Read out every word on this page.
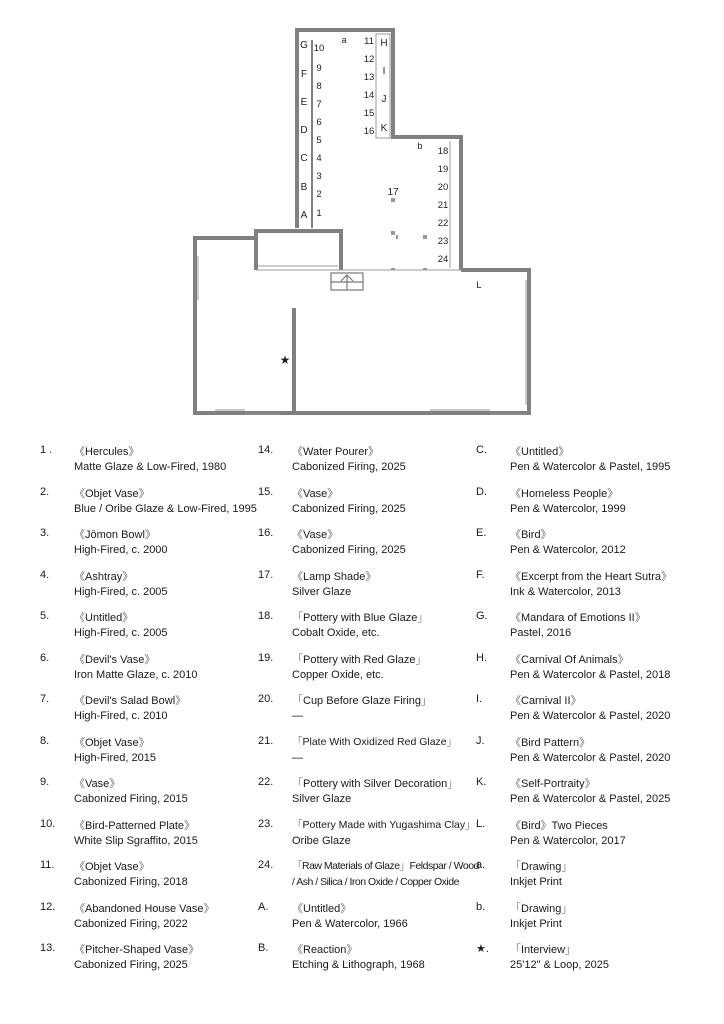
G
F
E
D
C
B
A
10
9
8
7
6
5
4
3
2
1
11
12
13
14
15
16
H
I
J
K
18
19
20
21
22
23
24
a
b
17
L
★
1 . 《Hercules》
Matte Glaze & Low-Fired, 1980
2. 《Objet Vase》
Blue / Oribe Glaze & Low-Fired, 1995
3. 《Jōmon Bowl》
High-Fired, c. 2000
4. 《Ashtray》
High-Fired, c. 2005
5. 《Untitled》
High-Fired, c. 2005
6. 《Devil's Vase》
Iron Matte Glaze, c. 2010
7. 《Devil's Salad Bowl》
High-Fired, c. 2010
8. 《Objet Vase》
High-Fired, 2015
9. 《Vase》
Cabonized Firing, 2015
10. 《Bird-Patterned Plate》
White Slip Sgraffito, 2015
11. 《Objet Vase》
Cabonized Firing, 2018
12. 《Abandoned House Vase》
Cabonized Firing, 2022
13. 《Pitcher-Shaped Vase》
Cabonized Firing, 2025
14. 《Water Pourer》
Cabonized Firing, 2025
15. 《Vase》
Cabonized Firing, 2025
16. 《Vase》
Cabonized Firing, 2025
17. 《Lamp Shade》
Silver Glaze
18. 「Pottery with Blue Glaze」
Cobalt Oxide, etc.
19. 「Pottery with Red Glaze」
Copper Oxide, etc.
20. 「Cup Before Glaze Firing」
—
21. 「Plate With Oxidized Red Glaze」
—
22. 「Pottery with Silver Decoration」
Silver Glaze
23. 「Pottery Made with Yugashima Clay」
Oribe Glaze
24. 「Raw Materials of Glaze」Feldspar / Wood
/ Ash / Silica / Iron Oxide / Copper Oxide
A. 《Untitled》
Pen & Watercolor, 1966
B. 《Reaction》
Etching & Lithograph, 1968
C. 《Untitled》
Pen & Watercolor & Pastel, 1995
D. 《Homeless People》
Pen & Watercolor, 1999
E. 《Bird》
Pen & Watercolor, 2012
F. 《Excerpt from the Heart Sutra》
Ink & Watercolor, 2013
G. 《Mandara of Emotions II》
Pastel, 2016
H. 《Carnival Of Animals》
Pen & Watercolor & Pastel, 2018
I.	《Carnival II》
Pen & Watercolor & Pastel, 2020
J. 《Bird Pattern》
Pen & Watercolor & Pastel, 2020
K. 《Self-Portraity》
Pen & Watercolor & Pastel, 2025
L. 《Bird》Two Pieces
Pen & Watercolor, 2017
a. 「Drawing」
Inkjet Print
b. 「Drawing」
Inkjet Print
★. 「Interview」
25'12" & Loop, 2025
